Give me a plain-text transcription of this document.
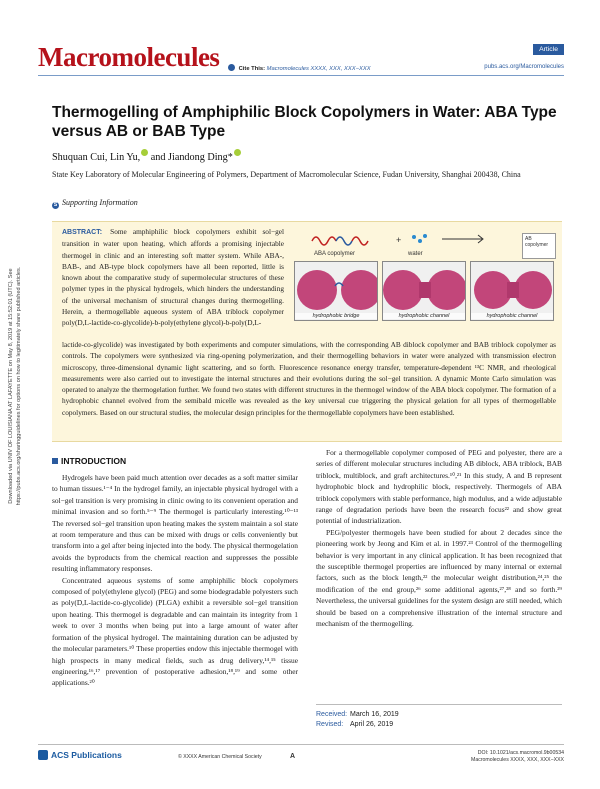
Downloaded via UNIV OF LOUISIANA AT LAFAYETTE on May 8, 2019 at 15:52:01 (UTC). See https://pubs.acs.org/sharingguidelines for options on how to legitimately share published articles.
Macromolecules	Article
Cite This: Macromolecules XXXX, XXX, XXX−XXX	pubs.acs.org/Macromolecules
Thermogelling of Amphiphilic Block Copolymers in Water: ABA Type versus AB or BAB Type
Shuquan Cui, Lin Yu, and Jiandong Ding*
State Key Laboratory of Molecular Engineering of Polymers, Department of Macromolecular Science, Fudan University, Shanghai 200438, China
S Supporting Information
ABSTRACT: Some amphiphilic block copolymers exhibit sol−gel transition in water upon heating, which affords a promising injectable thermogel in clinic and an interesting soft matter system. While ABA-, BAB-, and AB-type block copolymers have all been reported, little is known about the comparative study of supermolecular structures of these polymer types in the physical hydrogels, which hinders the understanding of the universal mechanism of structural changes during thermogelling. Herein, a thermogellable aqueous system of ABA triblock copolymer poly(D,L-lactide-co-glycolide)-b-poly(ethylene glycol)-b-poly(D,L-
+
ABA copolymer	water
AB copolymer
hydrophobic bridge	hydrophobic channel	hydrophobic channel
lactide-co-glycolide) was investigated by both experiments and computer simulations, with the corresponding AB diblock copolymer and BAB triblock copolymer as controls. The copolymers were synthesized via ring-opening polymerization, and their thermogelling behaviors in water were analyzed with transmission electron microscopy, three-dimensional dynamic light scattering, and so forth. Fluorescence resonance energy transfer, temperature-dependent ¹³C NMR, and rheological measurements were also carried out to investigate the internal structures and their evolutions during the sol−gel transition. A dynamic Monte Carlo simulation was operated to analyze the thermogelation further. We found two states with different structures in the thermogel window of the ABA block copolymer. The formation of a hydrophobic channel evolved from the semibald micelle was revealed as the key universal cue triggering the physical gelation for all types of thermogellable copolymers. Based on our structural studies, the molecular design principles for the thermogellable copolymers have been established.
INTRODUCTION

Hydrogels have been paid much attention over decades as a soft matter similar to human tissues.¹⁻⁴ In the hydrogel family, an injectable physical hydrogel with a sol−gel transition is very promising in clinic owing to its convenient operation and minimal invasion and so forth.⁵⁻⁹ The thermogel is particularly interesting.¹⁰⁻¹³ The reversed sol−gel transition upon heating makes the system maintain a sol state at room temperature and thus can be mixed with drugs or cells conveniently but transform into a gel after being injected into the body. The physical thermogelation avoids the byproducts from the chemical reaction and suppresses the possible resulting inflammatory responses.

Concentrated aqueous systems of some amphiphilic block copolymers composed of poly(ethylene glycol) (PEG) and some biodegradable polyesters such as poly(D,L-lactide-co-glycolide) (PLGA) exhibit a reversible sol−gel transition upon heating. This thermogel is degradable and can maintain its integrity from 1 week to over 3 months when being put into a large amount of water after formation of the physical hydrogel. The maintaining duration can be adjusted by the molecular parameters.¹⁰ These properties endow this injectable thermogel with high prospects in many medical fields, such as drug delivery,¹⁴,¹⁵ tissue engineering,¹⁶,¹⁷ prevention of postoperative adhesion,¹⁸,¹⁹ and some other applications.²⁰

For a thermogellable copolymer composed of PEG and polyester, there are a series of different molecular structures including AB diblock, ABA triblock, BAB triblock, multiblock, and graft architectures.¹⁰,²¹ In this study, A and B represent hydrophobic block and hydrophilic block, respectively. Thermogels of ABA triblock copolymers with stable performance, high modulus, and a wide adjustable range of degradation periods have been the research focus²² and show great potential of industrialization.

PEG/polyester thermogels have been studied for about 2 decades since the pioneering work by Jeong and Kim et al. in 1997.²³ Control of the thermogelling behavior is very important in any clinical application. It has been recognized that the susceptible thermogel properties are influenced by many internal or external factors, such as the block length,²² the molecular weight distribution,²⁴,²⁵ the modification of the end group,²⁶ some additional agents,²⁷,²⁸ and so forth.²⁹ Nevertheless, the universal guidelines for the system design are still needed, which should be based on a comprehensive illustration of the internal structure and mechanism of the thermogelling.

Received: March 16, 2019
Revised: April 26, 2019
ACS Publications	© XXXX American Chemical Society	A	DOI: 10.1021/acs.macromol.9b00534
Macromolecules XXXX, XXX, XXX−XXX
